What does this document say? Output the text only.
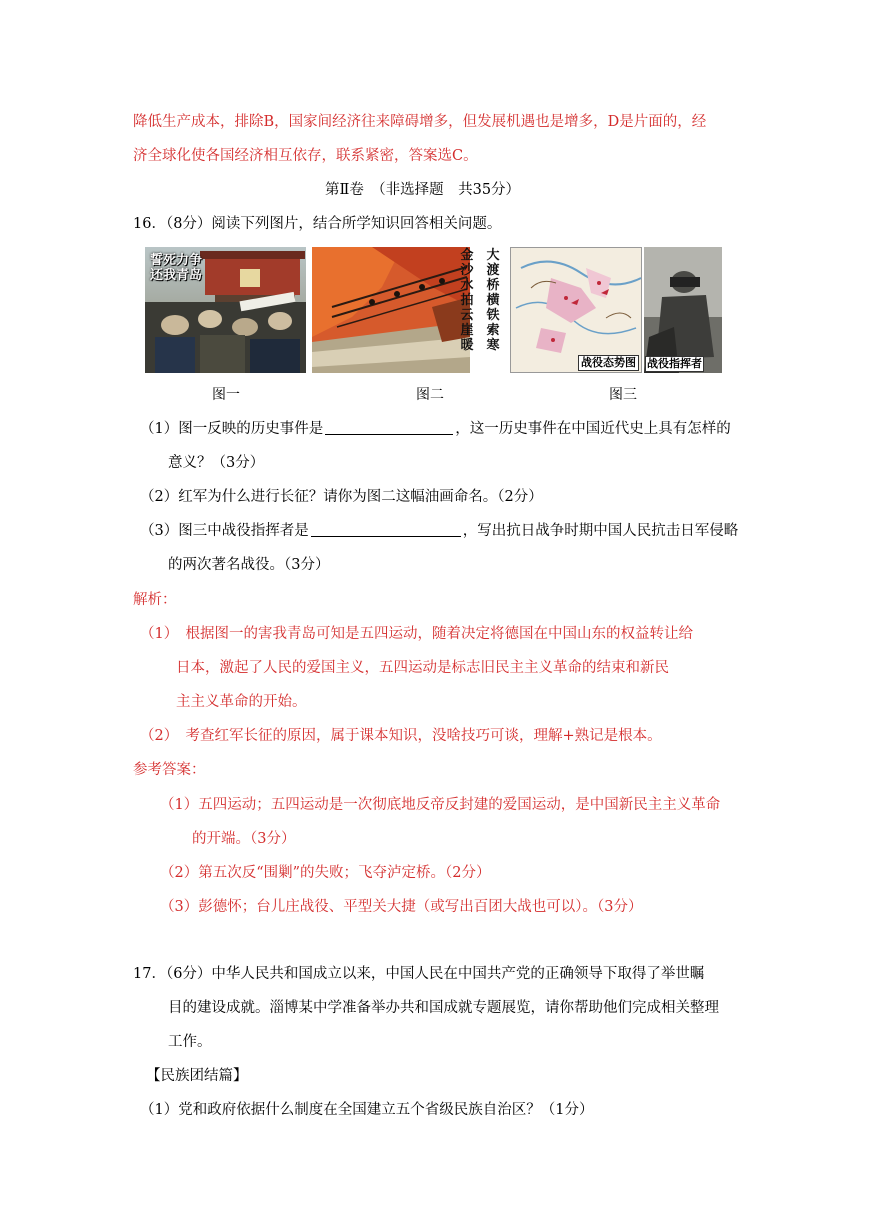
降低生产成本，排除B，国家间经济往来障碍增多，但发展机遇也是增多，D是片面的，经
济全球化使各国经济相互依存，联系紧密，答案选C。
第Ⅱ卷　（非选择题　共35分）
16．（8分）阅读下列图片，结合所学知识回答相关问题。
誓死力争
还我青岛
图一
金
沙
水
拍
云
崖
暖
大
渡
桥
横
铁
索
寒
图二
战役态势图 战役指挥者
图三
（1）图一反映的历史事件是	，这一历史事件在中国近代史上具有怎样的
意义？（3分）
（2）红军为什么进行长征？请你为图二这幅油画命名。（2分）
（3）图三中战役指挥者是	，写出抗日战争时期中国人民抗击日军侵略
的两次著名战役。（3分）
解析：
（1）　根据图一的害我青岛可知是五四运动，随着决定将德国在中国山东的权益转让给
日本，激起了人民的爱国主义，五四运动是标志旧民主主义革命的结束和新民
主主义革命的开始。
（2）　考查红军长征的原因，属于课本知识，没啥技巧可谈，理解+熟记是根本。
参考答案：
（1）五四运动；五四运动是一次彻底地反帝反封建的爱国运动，是中国新民主主义革命
的开端。（3分）
（2）第五次反“围剿”的失败；飞夺泸定桥。（2分）
（3）彭德怀；台儿庄战役、平型关大捷（或写出百团大战也可以）。（3分）
17．（6分）中华人民共和国成立以来，中国人民在中国共产党的正确领导下取得了举世瞩
目的建设成就。淄博某中学准备举办共和国成就专题展览，请你帮助他们完成相关整理
工作。
【民族团结篇】
（1）党和政府依据什么制度在全国建立五个省级民族自治区？（1分）
